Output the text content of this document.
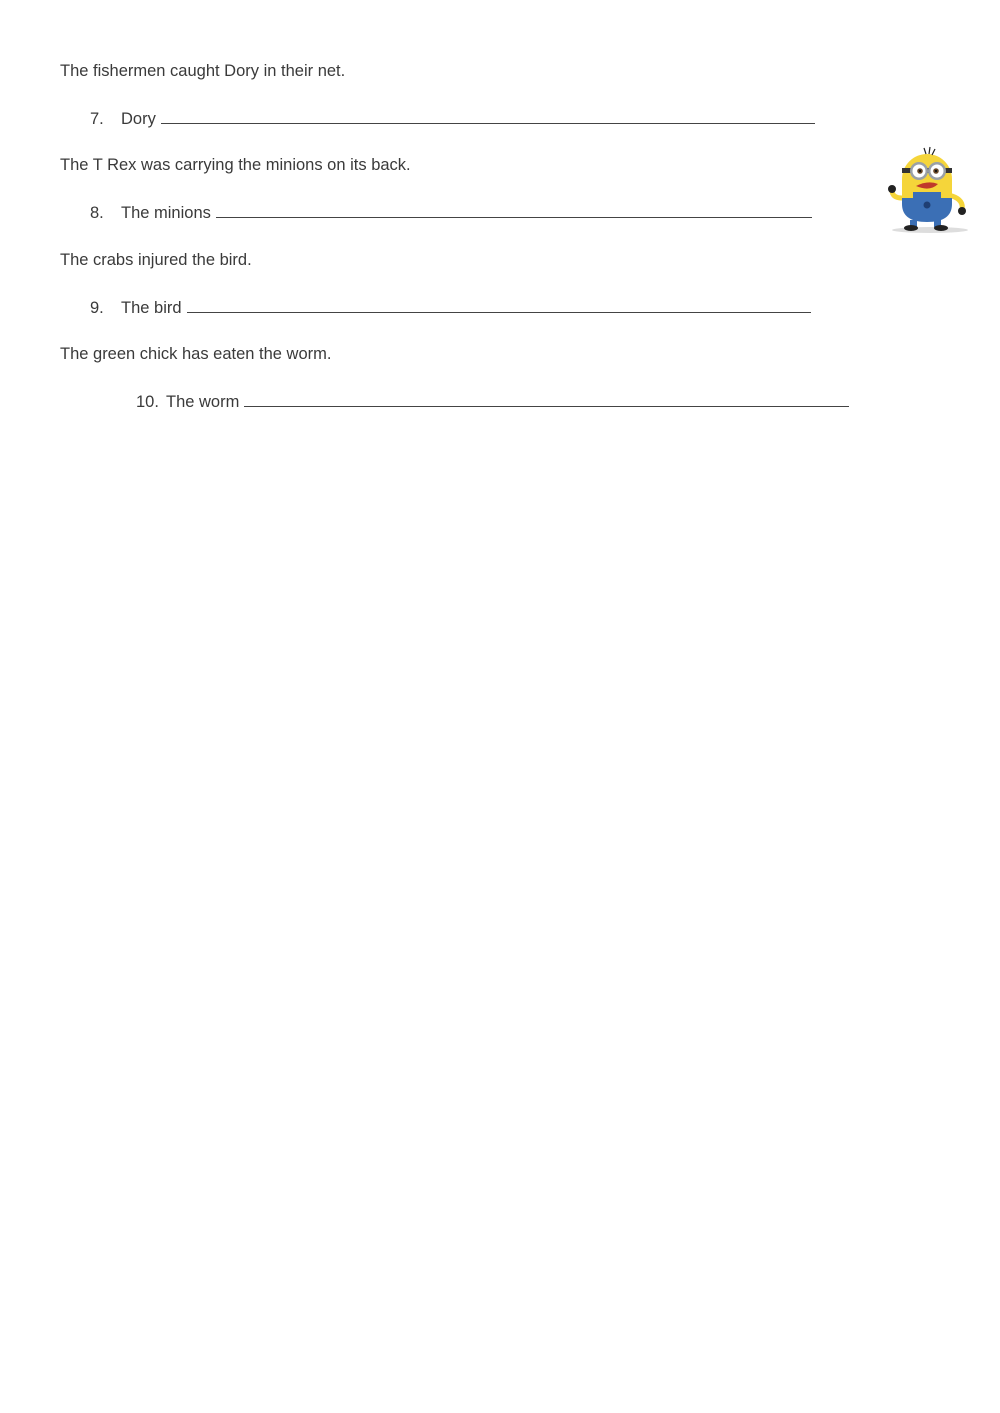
The fishermen caught Dory in their net.
7. Dory
The T Rex was carrying the minions on its back.
8. The minions
The crabs injured the bird.
9. The bird
The green chick has eaten the worm.
10. The worm
